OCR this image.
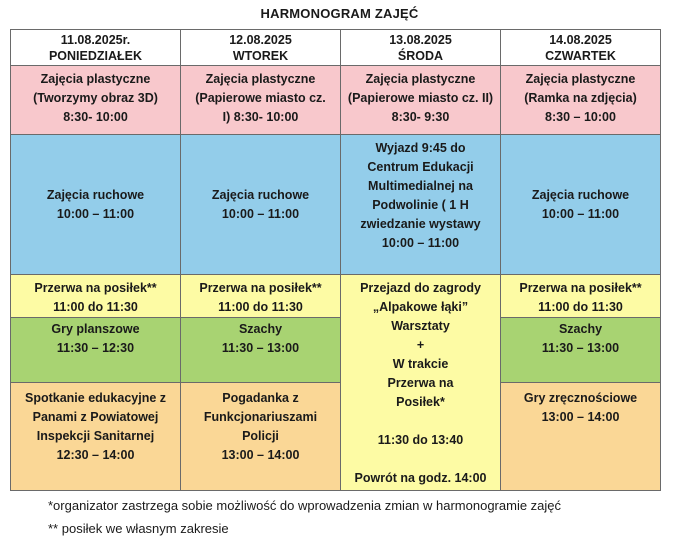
HARMONOGRAM ZAJĘĆ
11.08.2025r.
PONIEDZIAŁEK
Zajęcia plastyczne
(Tworzymy obraz 3D)
8:30- 10:00
Zajęcia ruchowe
10:00 – 11:00
Przerwa na posiłek**
11:00 do 11:30
Gry planszowe
11:30 – 12:30
Spotkanie edukacyjne z
Panami z Powiatowej
Inspekcji Sanitarnej
12:30 – 14:00
12.08.2025
WTOREK
Zajęcia plastyczne
(Papierowe miasto cz.
I) 8:30- 10:00
Zajęcia ruchowe
10:00 – 11:00
Przerwa na posiłek**
11:00 do 11:30
Szachy
11:30 – 13:00
Pogadanka z
Funkcjonariuszami
Policji
13:00 – 14:00
13.08.2025
ŚRODA
Zajęcia plastyczne
(Papierowe miasto cz. II)
8:30- 9:30
Wyjazd 9:45 do
Centrum Edukacji
Multimedialnej na
Podwolinie ( 1 H
zwiedzanie wystawy
10:00 – 11:00
Przejazd do zagrody
„Alpakowe łąki”
Warsztaty
+
W trakcie
Przerwa na
Posiłek*
11:30 do 13:40
Powrót na godz. 14:00
14.08.2025
CZWARTEK
Zajęcia plastyczne
(Ramka na zdjęcia)
8:30 – 10:00
Zajęcia ruchowe
10:00 – 11:00
Przerwa na posiłek**
11:00 do 11:30
Szachy
11:30 – 13:00
Gry zręcznościowe
13:00 – 14:00
*organizator zastrzega sobie możliwość do wprowadzenia zmian w harmonogramie zajęć
** posiłek we własnym zakresie
